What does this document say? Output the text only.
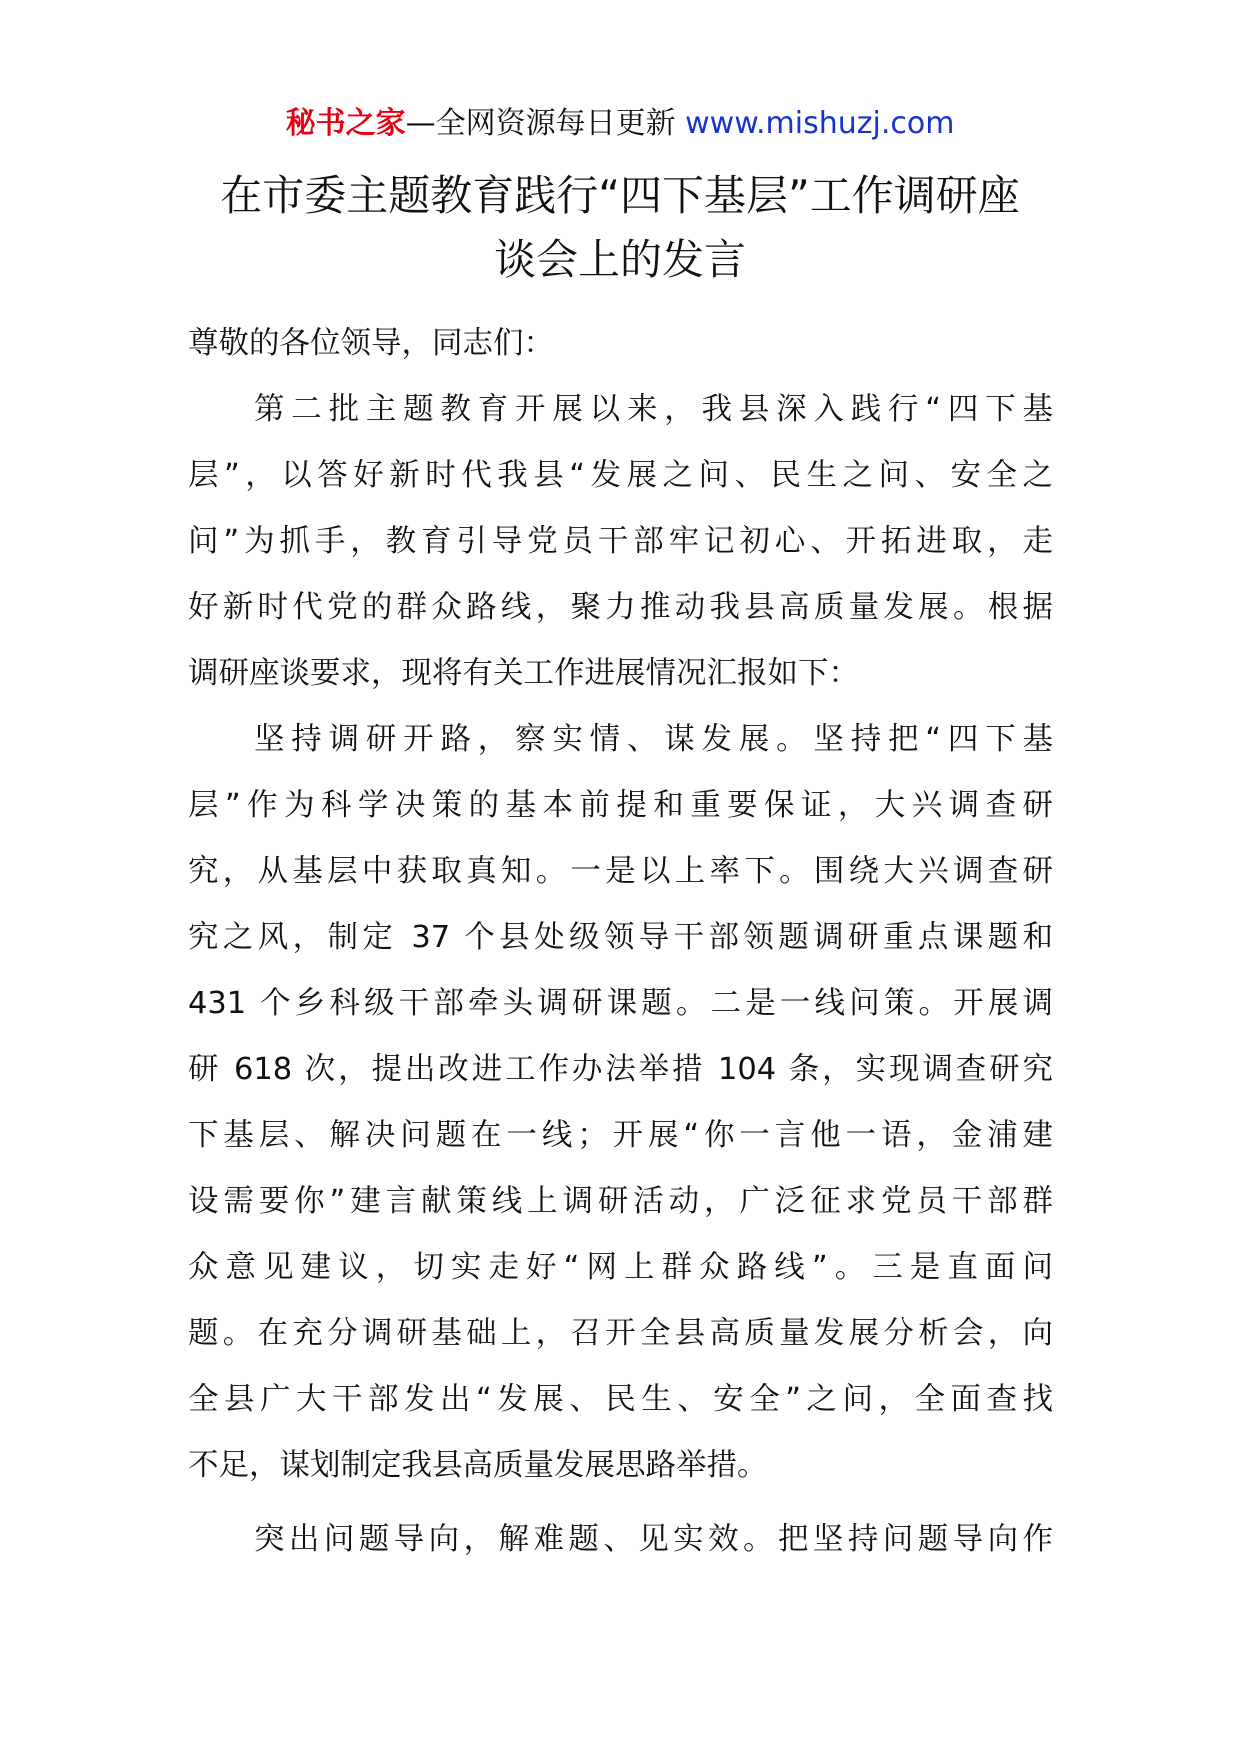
秘书之家—全网资源每日更新 www.mishuzj.com
在市委主题教育践行“四下基层”工作调研座
谈会上的发言
尊敬的各位领导，同志们：
第二批主题教育开展以来，我县深入践行“四下基
层”，以答好新时代我县“发展之问、民生之问、安全之
问”为抓手，教育引导党员干部牢记初心、开拓进取，走
好新时代党的群众路线，聚力推动我县高质量发展。根据
调研座谈要求，现将有关工作进展情况汇报如下：
坚持调研开路，察实情、谋发展。坚持把“四下基
层”作为科学决策的基本前提和重要保证，大兴调查研
究，从基层中获取真知。一是以上率下。围绕大兴调查研
究之风，制定 37 个县处级领导干部领题调研重点课题和
431 个乡科级干部牵头调研课题。二是一线问策。开展调
研 618 次，提出改进工作办法举措 104 条，实现调查研究
下基层、解决问题在一线；开展“你一言他一语，金浦建
设需要你”建言献策线上调研活动，广泛征求党员干部群
众意见建议，切实走好“网上群众路线”。三是直面问
题。在充分调研基础上，召开全县高质量发展分析会，向
全县广大干部发出“发展、民生、安全”之问，全面查找
不足，谋划制定我县高质量发展思路举措。
突出问题导向，解难题、见实效。把坚持问题导向作
